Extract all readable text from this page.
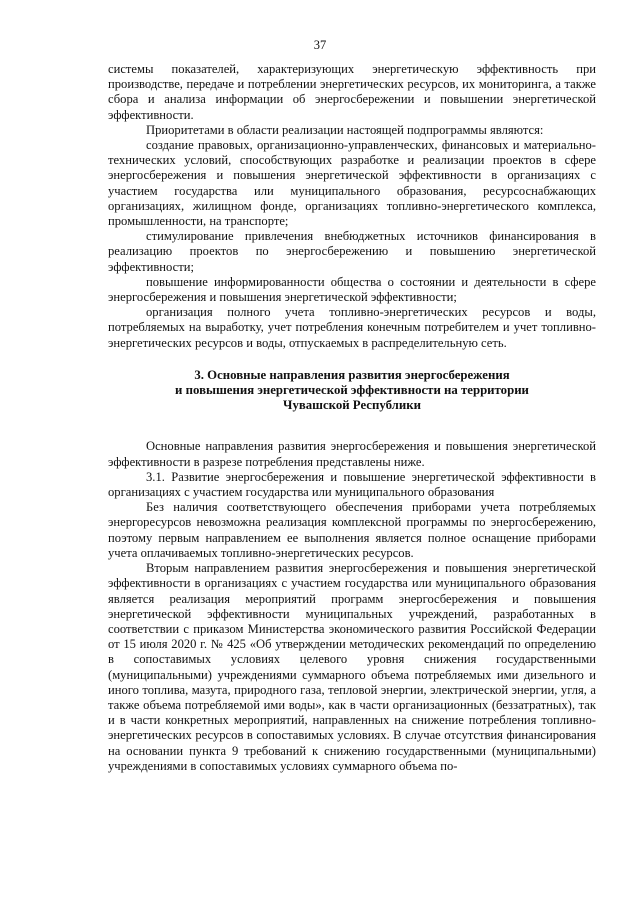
37

системы показателей, характеризующих энергетическую эффективность при производстве, передаче и потреблении энергетических ресурсов, их мониторинга, а также сбора и анализа информации об энергосбережении и повышении энергетической эффективности.

Приоритетами в области реализации настоящей подпрограммы являются:

создание правовых, организационно-управленческих, финансовых и материально-технических условий, способствующих разработке и реализации проектов в сфере энергосбережения и повышения энергетической эффективности в организациях с участием государства или муниципального образования, ресурсоснабжающих организациях, жилищном фонде, организациях топливно-энергетического комплекса, промышленности, на транспорте;

стимулирование привлечения внебюджетных источников финансирования в реализацию проектов по энергосбережению и повышению энергетической эффективности;

повышение информированности общества о состоянии и деятельности в сфере энергосбережения и повышения энергетической эффективности;

организация полного учета топливно-энергетических ресурсов и воды, потребляемых на выработку, учет потребления конечным потребителем и учет топливно-энергетических ресурсов и воды, отпускаемых в распределительную сеть.

3. Основные направления развития энергосбережения
и повышения энергетической эффективности на территории
Чувашской Республики

Основные направления развития энергосбережения и повышения энергетической эффективности в разрезе потребления представлены ниже.

3.1. Развитие энергосбережения и повышение энергетической эффективности в организациях с участием государства или муниципального образования

Без наличия соответствующего обеспечения приборами учета потребляемых энергоресурсов невозможна реализация комплексной программы по энергосбережению, поэтому первым направлением ее выполнения является полное оснащение приборами учета оплачиваемых топливно-энергетических ресурсов.

Вторым направлением развития энергосбережения и повышения энергетической эффективности в организациях с участием государства или муниципального образования является реализация мероприятий программ энергосбережения и повышения энергетической эффективности муниципальных учреждений, разработанных в соответствии с приказом Министерства экономического развития Российской Федерации от 15 июля 2020 г. № 425 «Об утверждении методических рекомендаций по определению в сопоставимых условиях целевого уровня снижения государственными (муниципальными) учреждениями суммарного объема потребляемых ими дизельного и иного топлива, мазута, природного газа, тепловой энергии, электрической энергии, угля, а также объема потребляемой ими воды», как в части организационных (беззатратных), так и в части конкретных мероприятий, направленных на снижение потребления топливно-энергетических ресурсов в сопоставимых условиях. В случае отсутствия финансирования на основании пункта 9 требований к снижению государственными (муниципальными) учреждениями в сопоставимых условиях суммарного объема по-
